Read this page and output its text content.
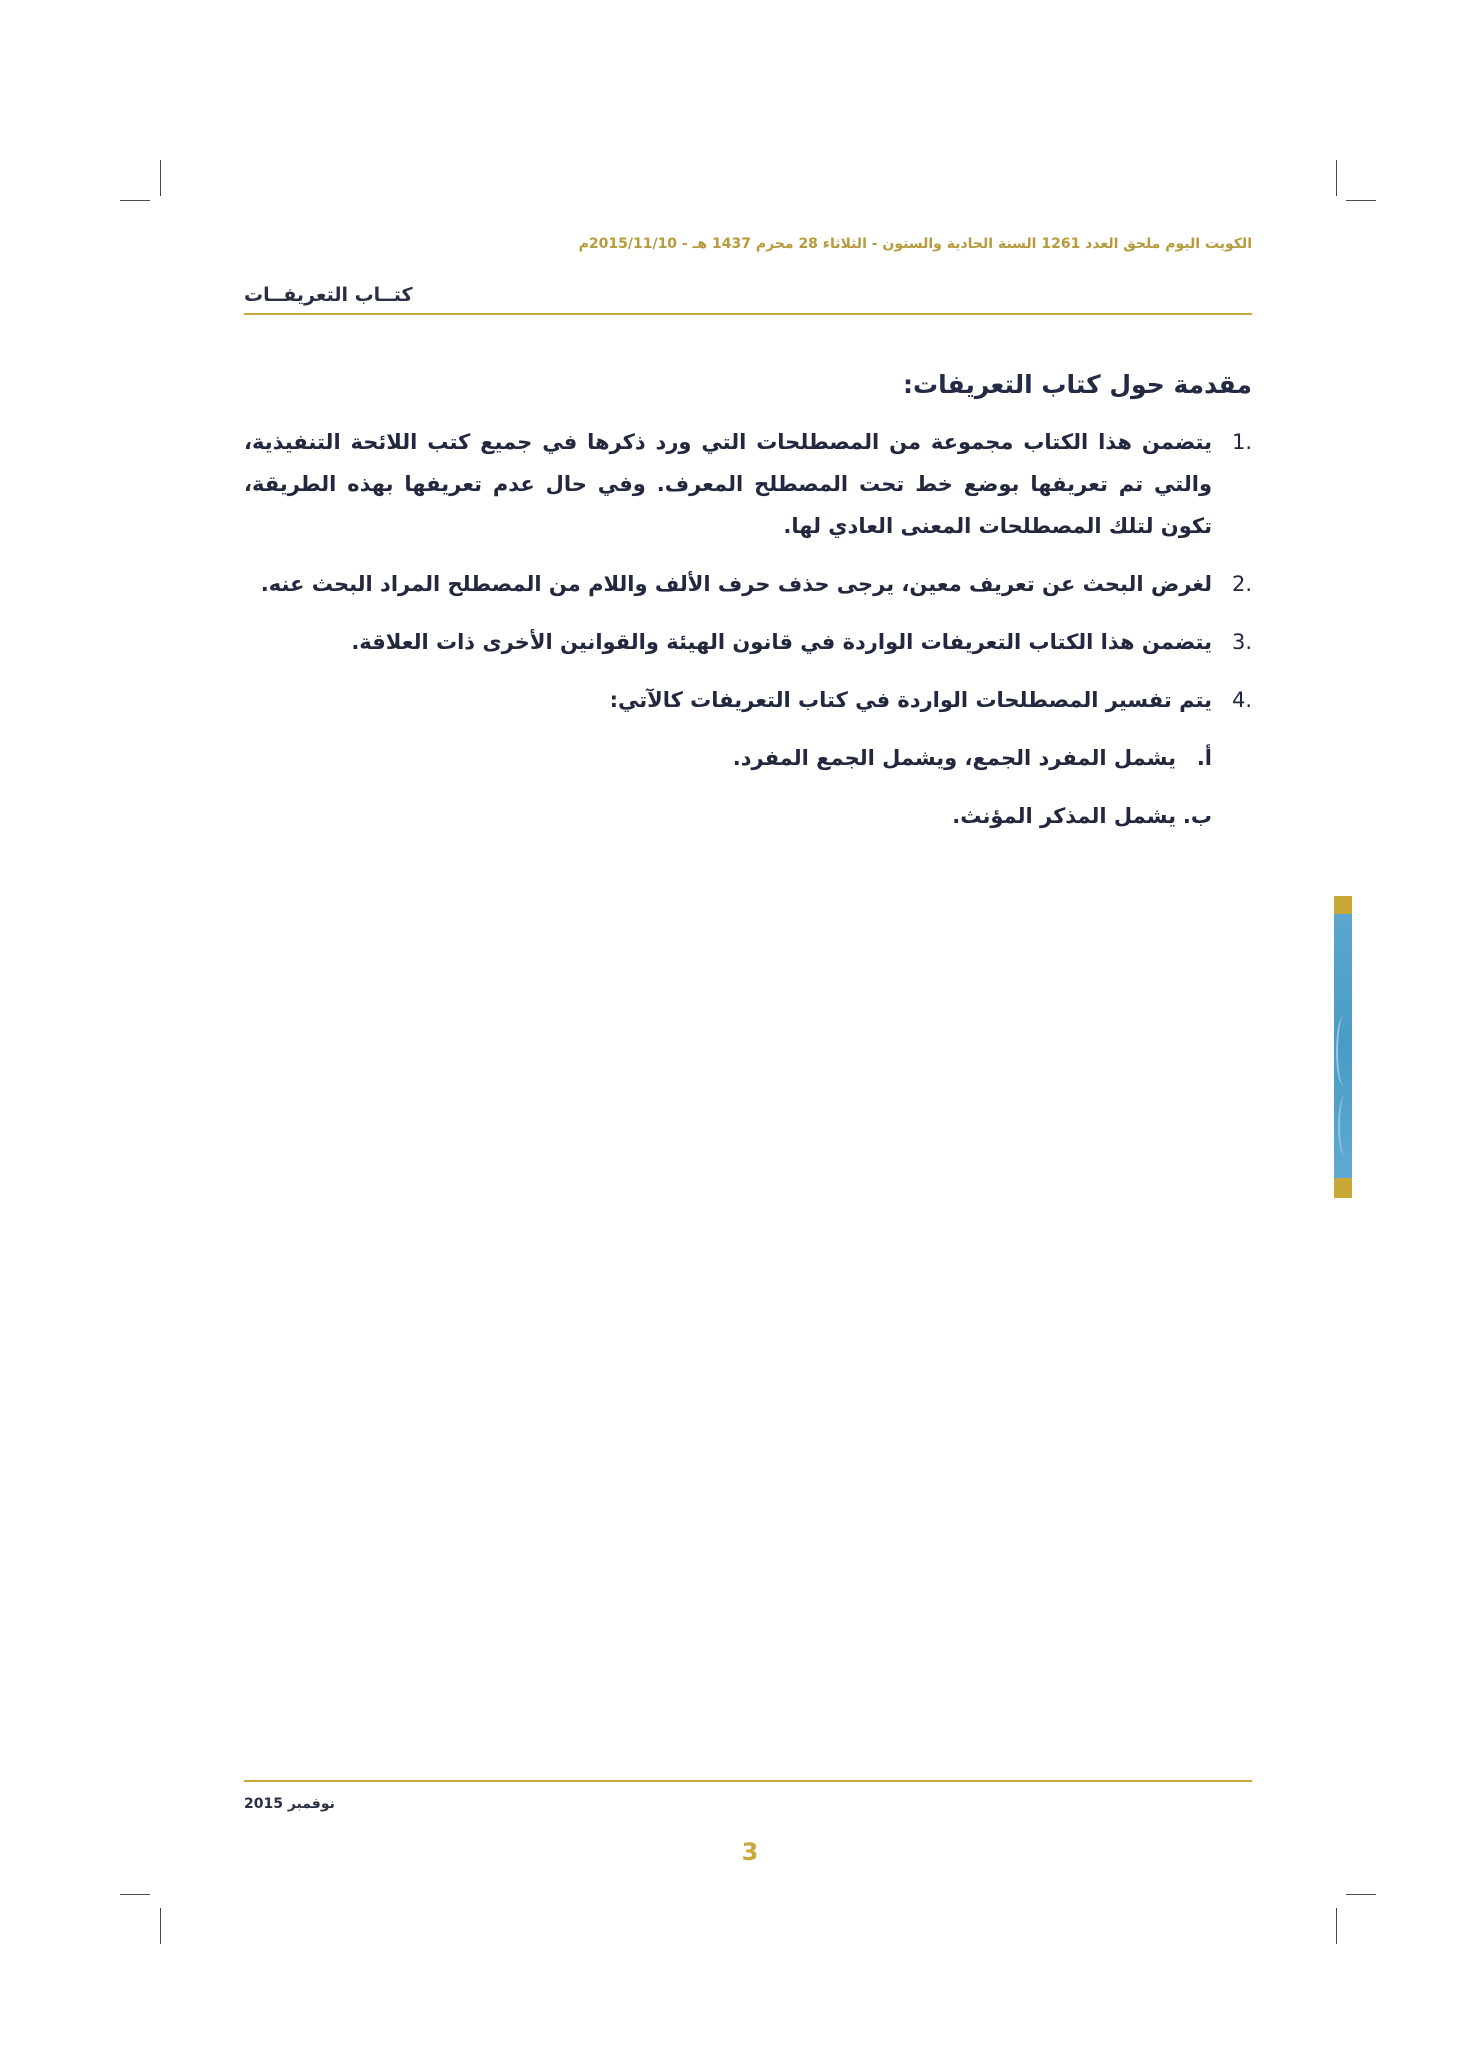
الكويت اليوم ملحق العدد 1261 السنة الحادية والستون - الثلاثاء 28 محرم 1437 هـ - 2015/11/10م
كتــاب التعريفــات
مقدمة حول كتاب التعريفات:
1.
يتضمن هذا الكتاب مجموعة من المصطلحات التي ورد ذكرها في جميع كتب اللائحة التنفيذية، والتي تم تعريفها بوضع خط تحت المصطلح المعرف. وفي حال عدم تعريفها بهذه الطريقة، تكون لتلك المصطلحات المعنى العادي لها.
2.
لغرض البحث عن تعريف معين، يرجى حذف حرف الألف واللام من المصطلح المراد البحث عنه.
3.
يتضمن هذا الكتاب التعريفات الواردة في قانون الهيئة والقوانين الأخرى ذات العلاقة.
4.
يتم تفسير المصطلحات الواردة في كتاب التعريفات كالآتي:
أ.
يشمل المفرد الجمع، ويشمل الجمع المفرد.
ب.
يشمل المذكر المؤنث.
نوفمبر 2015
3
